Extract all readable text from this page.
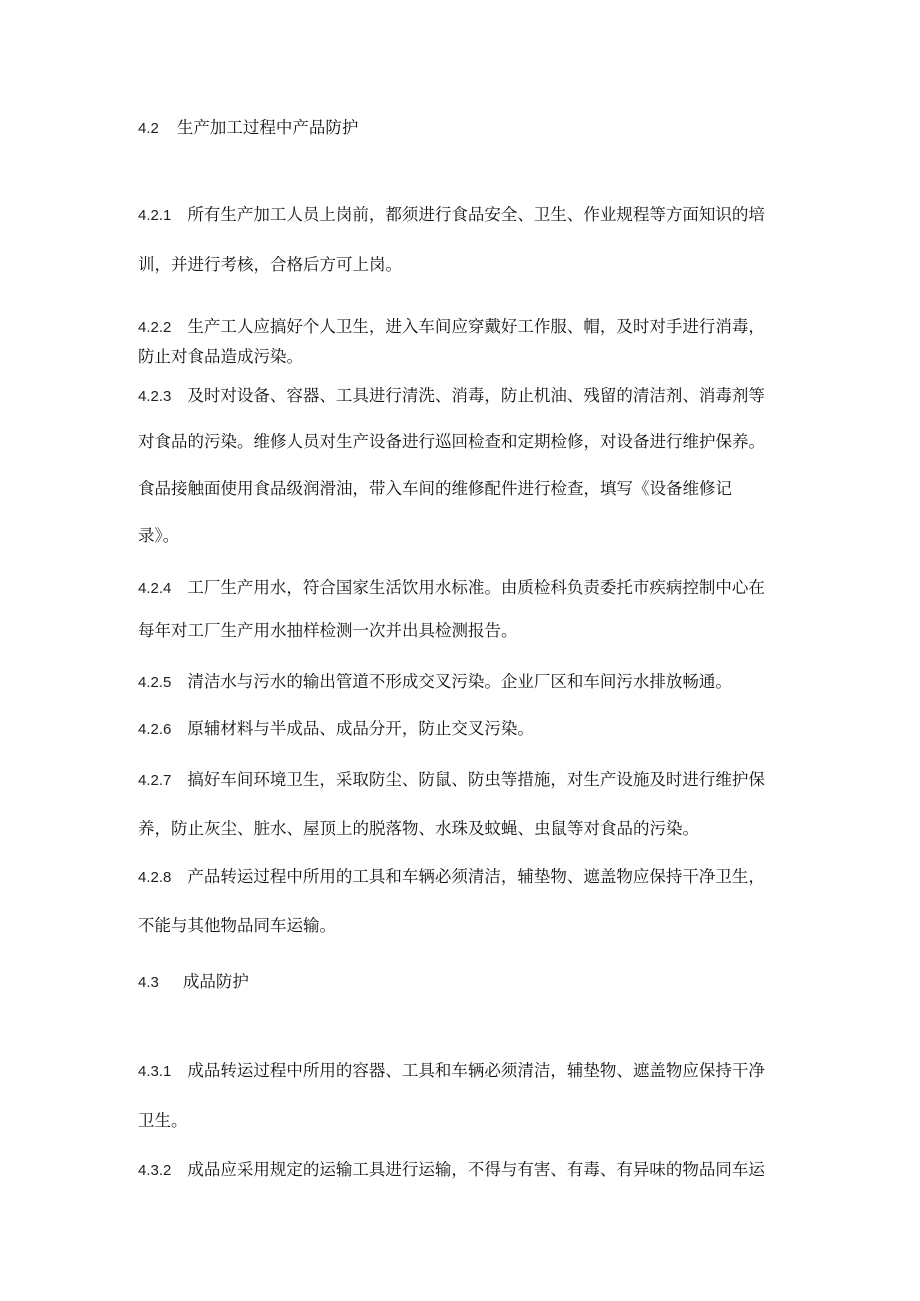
4.2 生产加工过程中产品防护
4.2.1 所有生产加工人员上岗前，都须进行食品安全、卫生、作业规程等方面知识的培
训，并进行考核，合格后方可上岗。
4.2.2 生产工人应搞好个人卫生，进入车间应穿戴好工作服、帽，及时对手进行消毒，
防止对食品造成污染。
4.2.3 及时对设备、容器、工具进行清洗、消毒，防止机油、残留的清洁剂、消毒剂等
对食品的污染。维修人员对生产设备进行巡回检查和定期检修，对设备进行维护保养。
食品接触面使用食品级润滑油，带入车间的维修配件进行检查，填写《设备维修记
录》。
4.2.4 工厂生产用水，符合国家生活饮用水标准。由质检科负责委托市疾病控制中心在
每年对工厂生产用水抽样检测一次并出具检测报告。
4.2.5 清洁水与污水的输出管道不形成交叉污染。企业厂区和车间污水排放畅通。
4.2.6 原辅材料与半成品、成品分开，防止交叉污染。
4.2.7 搞好车间环境卫生，采取防尘、防鼠、防虫等措施，对生产设施及时进行维护保
养，防止灰尘、脏水、屋顶上的脱落物、水珠及蚊蝇、虫鼠等对食品的污染。
4.2.8 产品转运过程中所用的工具和车辆必须清洁，辅垫物、遮盖物应保持干净卫生，
不能与其他物品同车运输。
4.3 成品防护
4.3.1 成品转运过程中所用的容器、工具和车辆必须清洁，辅垫物、遮盖物应保持干净
卫生。
4.3.2 成品应采用规定的运输工具进行运输，不得与有害、有毒、有异味的物品同车运
